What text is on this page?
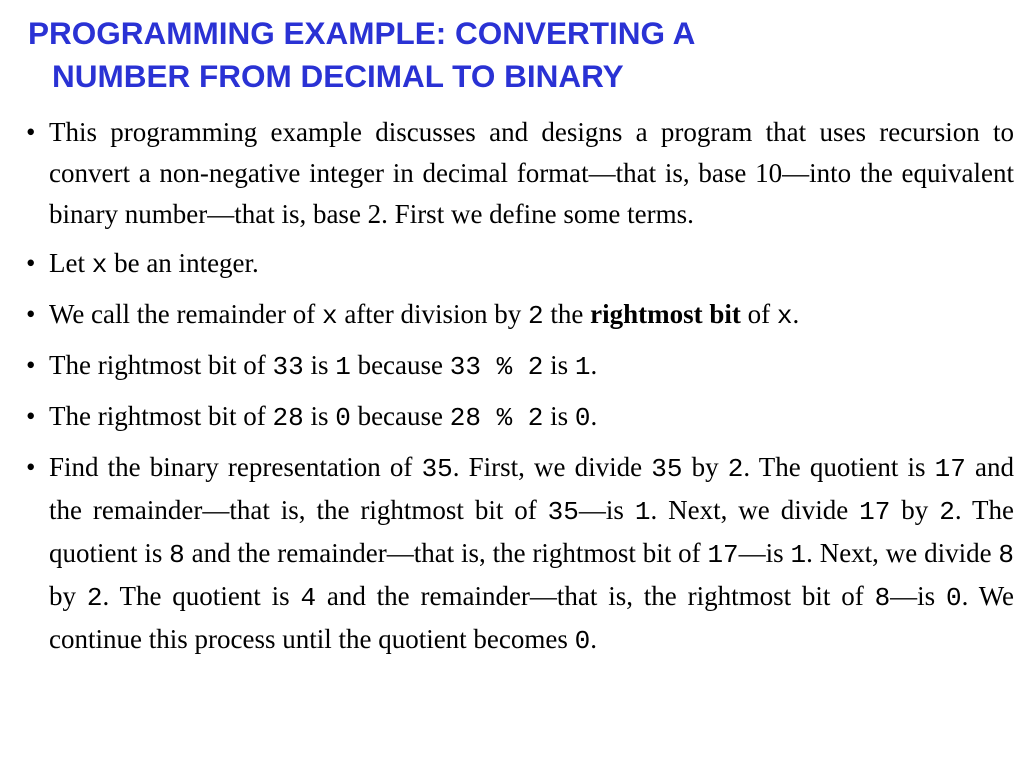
PROGRAMMING EXAMPLE: CONVERTING A
NUMBER FROM DECIMAL TO BINARY
• This programming example discusses and designs a program that uses recursion to convert a non-negative integer in decimal format—that is, base 10—into the equivalent binary number—that is, base 2. First we define some terms.
• Let x be an integer.
• We call the remainder of x after division by 2 the rightmost bit of x.
• The rightmost bit of 33 is 1 because 33 % 2 is 1.
• The rightmost bit of 28 is 0 because 28 % 2 is 0.
• Find the binary representation of 35. First, we divide 35 by 2. The quotient is 17 and the remainder—that is, the rightmost bit of 35—is 1. Next, we divide 17 by 2. The quotient is 8 and the remainder—that is, the rightmost bit of 17—is 1. Next, we divide 8 by 2. The quotient is 4 and the remainder—that is, the rightmost bit of 8—is 0. We continue this process until the quotient becomes 0.
